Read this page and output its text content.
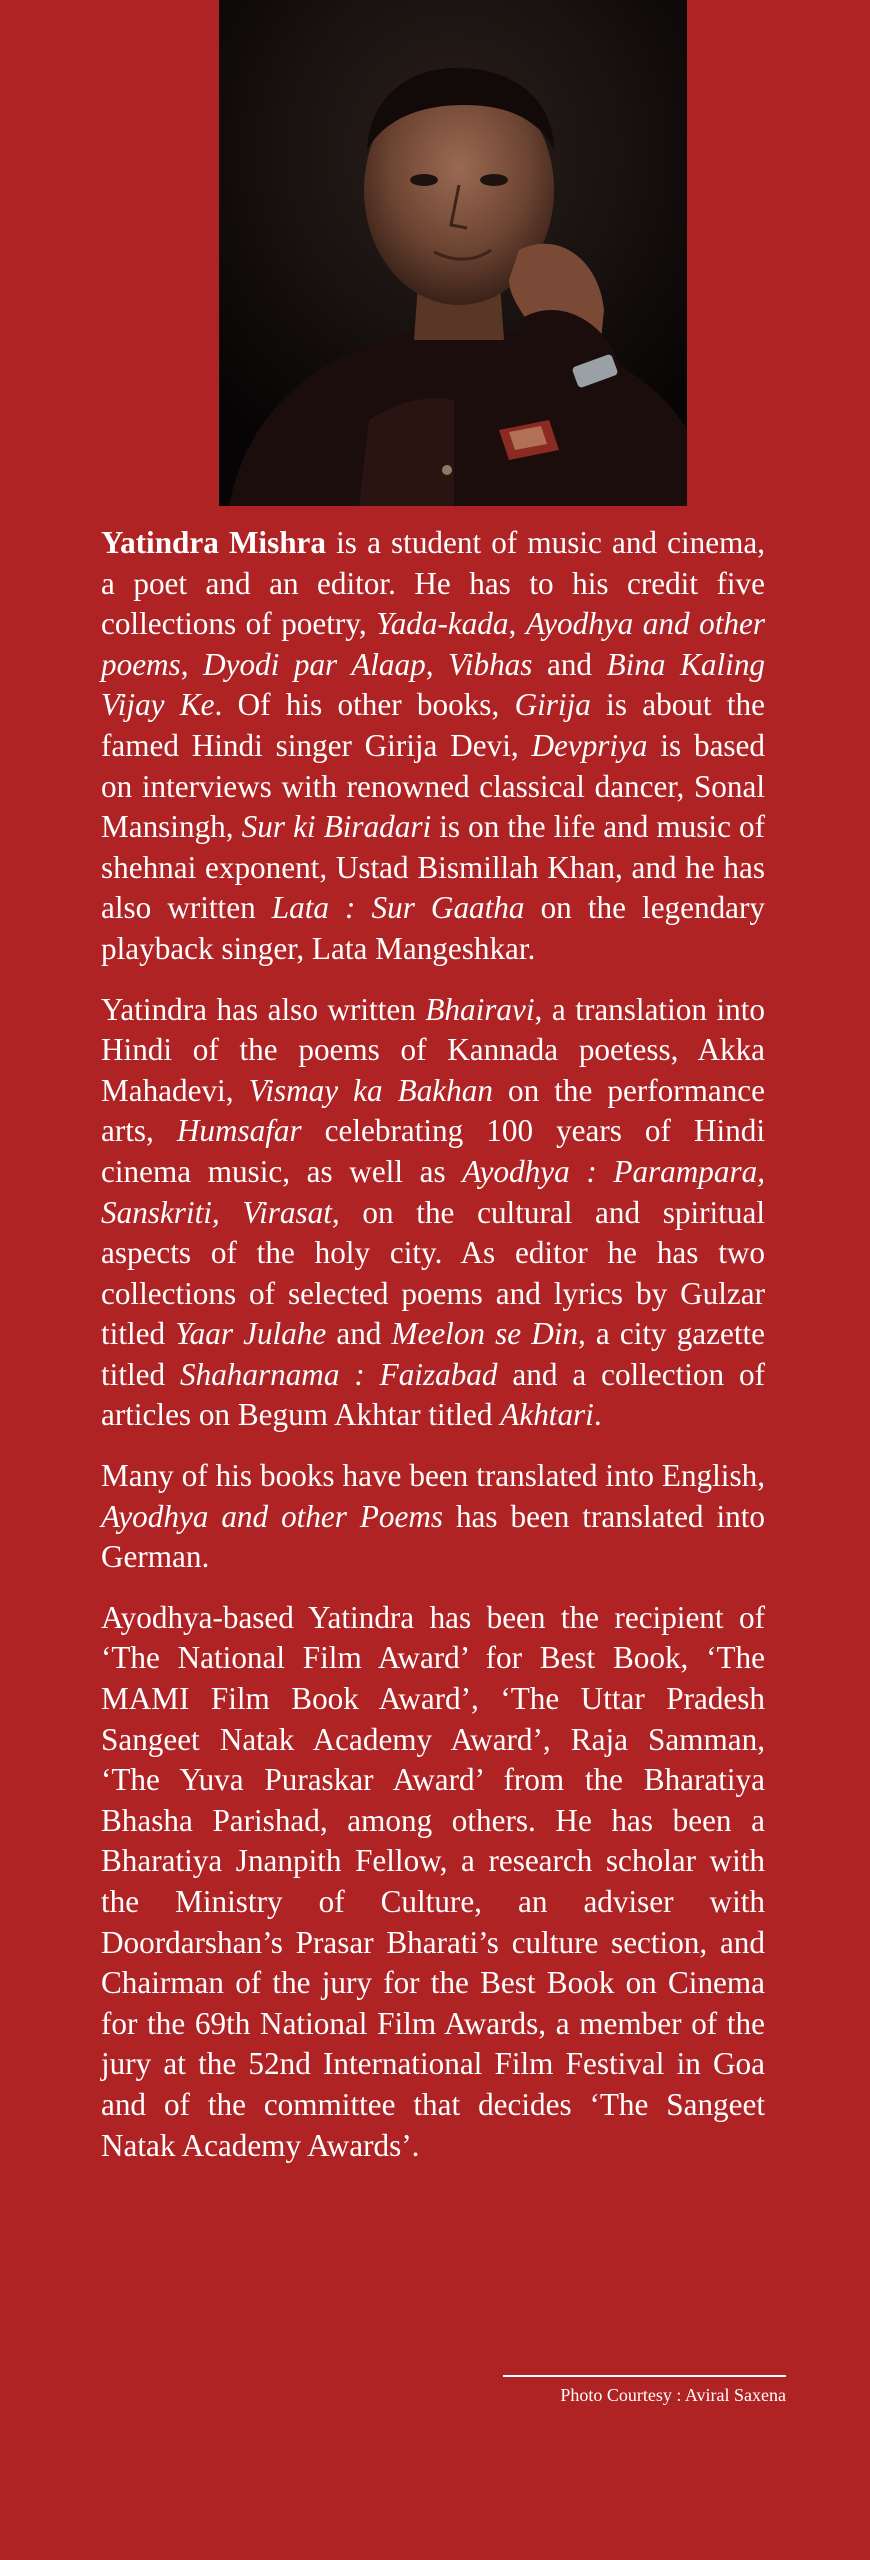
Yatindra Mishra is a student of music and cinema, a poet and an editor. He has to his credit five collections of poetry, Yada-kada, Ayodhya and other poems, Dyodi par Alaap, Vibhas and Bina Kaling Vijay Ke. Of his other books, Girija is about the famed Hindi singer Girija Devi, Devpriya is based on interviews with renowned classical dancer, Sonal Mansingh, Sur ki Biradari is on the life and music of shehnai exponent, Ustad Bismillah Khan, and he has also written Lata : Sur Gaatha on the legendary playback singer, Lata Mangeshkar.

Yatindra has also written Bhairavi, a translation into Hindi of the poems of Kannada poetess, Akka Mahadevi, Vismay ka Bakhan on the performance arts, Humsafar celebrating 100 years of Hindi cinema music, as well as Ayodhya : Parampara, Sanskriti, Virasat, on the cultural and spiritual aspects of the holy city. As editor he has two collections of selected poems and lyrics by Gulzar titled Yaar Julahe and Meelon se Din, a city gazette titled Shaharnama : Faizabad and a collection of articles on Begum Akhtar titled Akhtari.

Many of his books have been translated into English, Ayodhya and other Poems has been translated into German.

Ayodhya-based Yatindra has been the recipient of ‘The National Film Award’ for Best Book, ‘The MAMI Film Book Award’, ‘The Uttar Pradesh Sangeet Natak Academy Award’, Raja Samman, ‘The Yuva Puraskar Award’ from the Bharatiya Bhasha Parishad, among others. He has been a Bharatiya Jnanpith Fellow, a research scholar with the Ministry of Culture, an adviser with Doordarshan’s Prasar Bharati’s culture section, and Chairman of the jury for the Best Book on Cinema for the 69th National Film Awards, a member of the jury at the 52nd International Film Festival in Goa and of the committee that decides ‘The Sangeet Natak Academy Awards’.

Photo Courtesy : Aviral Saxena
